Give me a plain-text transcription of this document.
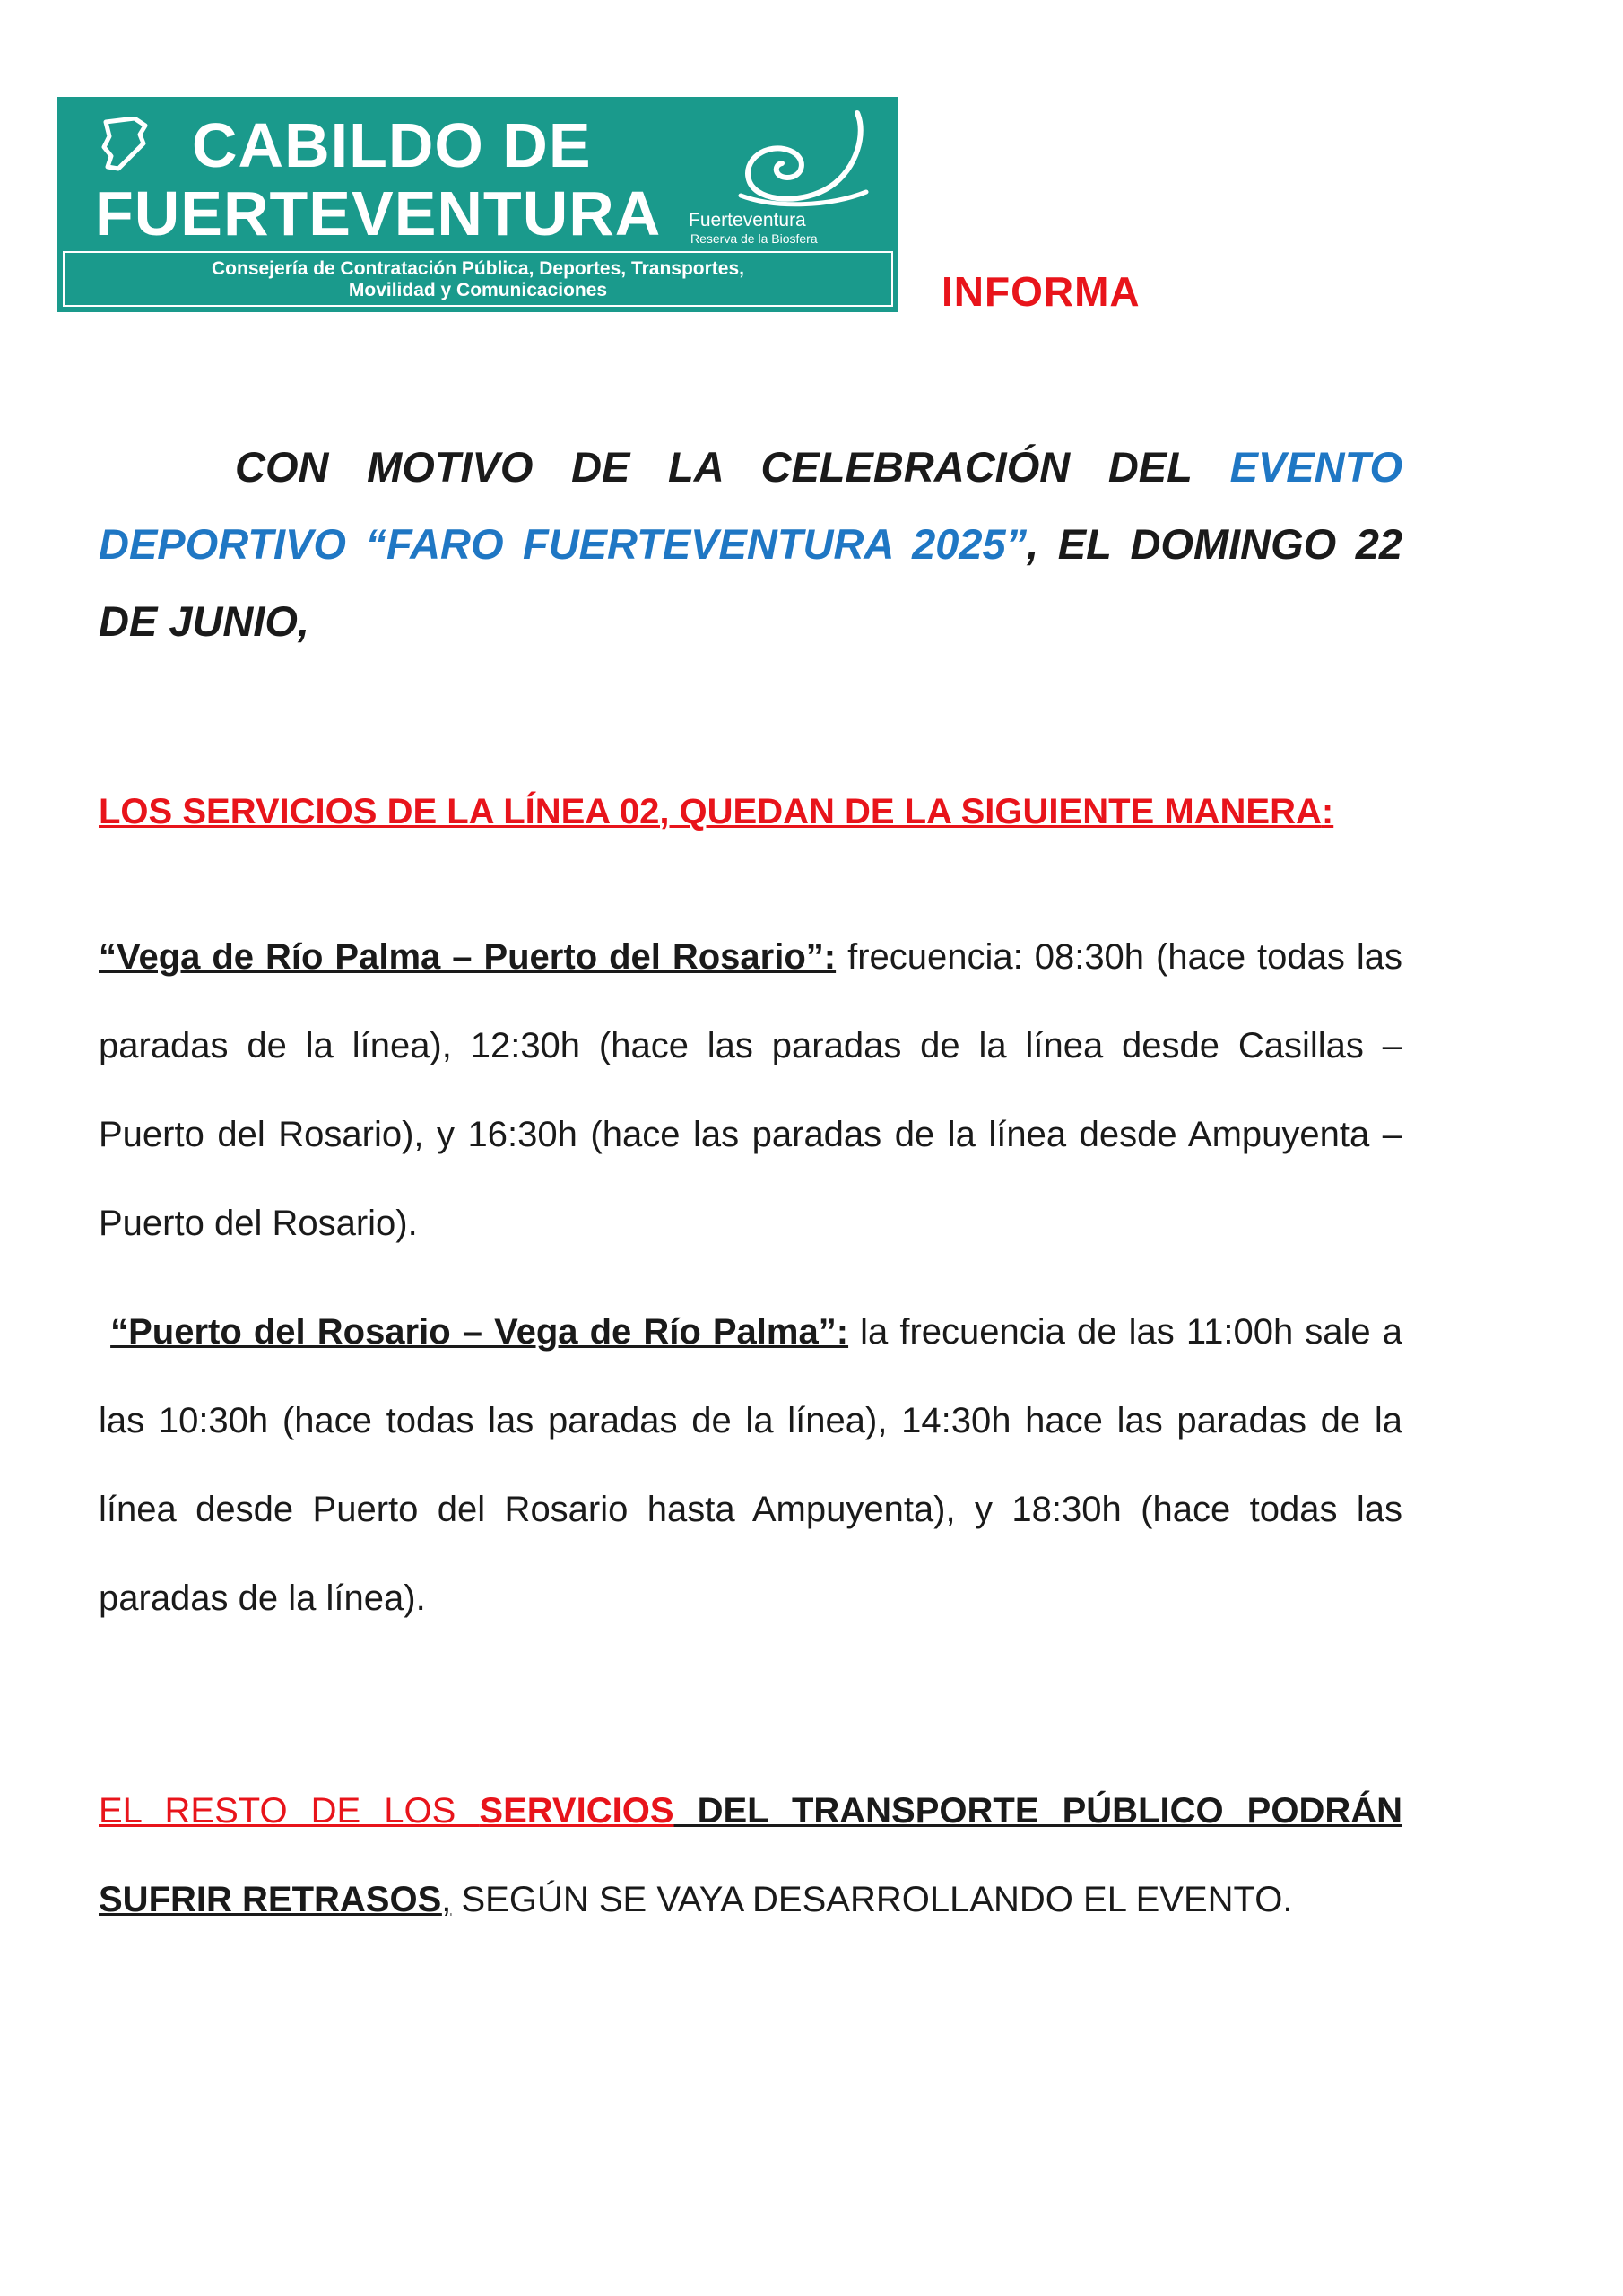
CABILDO DE
FUERTEVENTURA Fuerteventura
Reserva de la Biosfera
Consejería de Contratación Pública, Deportes, Transportes,
Movilidad y Comunicaciones	INFORMA
CON MOTIVO DE LA CELEBRACIÓN DEL EVENTO DEPORTIVO “FARO FUERTEVENTURA 2025”, EL DOMINGO 22 DE JUNIO,
LOS SERVICIOS DE LA LÍNEA 02, QUEDAN DE LA SIGUIENTE MANERA:
“Vega de Río Palma – Puerto del Rosario”: frecuencia: 08:30h (hace todas las paradas de la línea), 12:30h (hace las paradas de la línea desde Casillas – Puerto del Rosario), y 16:30h (hace las paradas de la línea desde Ampuyenta – Puerto del Rosario).
“Puerto del Rosario – Vega de Río Palma”: la frecuencia de las 11:00h sale a las 10:30h (hace todas las paradas de la línea), 14:30h hace las paradas de la línea desde Puerto del Rosario hasta Ampuyenta), y 18:30h (hace todas las paradas de la línea).
EL RESTO DE LOS SERVICIOS DEL TRANSPORTE PÚBLICO PODRÁN SUFRIR RETRASOS, SEGÚN SE VAYA DESARROLLANDO EL EVENTO.
